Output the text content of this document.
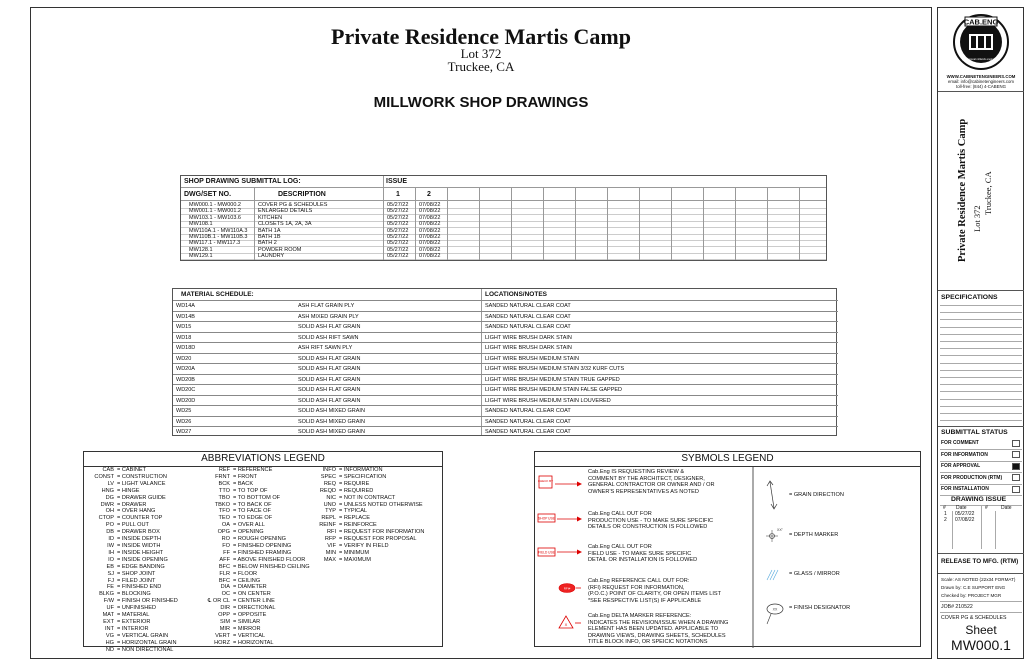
Private Residence Martis Camp
Lot 372
Truckee, CA
MILLWORK SHOP DRAWINGS
SHOP DRAWING SUBMITTAL LOG:	ISSUE
DWG/SET NO.	DESCRIPTION	1	2
MW000.1 - MW000.2	COVER PG & SCHEDULES	05/27/22 07/08/22
MW001.1 - MW001.2	ENLARGED DETAILS	05/27/22 07/08/22
MW103.1 - MW103.6	KITCHEN	05/27/22 07/08/22
MW108.1	CLOSETS 1A, 2A, 3A	05/27/22 07/08/22
MW110A.1 - MW110A.3 BATH 1A	05/27/22 07/08/22
MW110B.1 - MW110B.3 BATH 1B	05/27/22 07/08/22
MW117.1 - MW117.3	BATH 2	05/27/22 07/08/22
MW128.1	POWDER ROOM	05/27/22 07/08/22
MW129.1	LAUNDRY	05/27/22 07/08/22
MATERIAL SCHEDULE:	LOCATIONS/NOTES
WD14A	ASH FLAT GRAIN PLY	SANDED NATURAL CLEAR COAT
WD14B	ASH MIXED GRAIN PLY	SANDED NATURAL CLEAR COAT
WD15	SOLID ASH FLAT GRAIN	SANDED NATURAL CLEAR COAT
WD18	SOLID ASH RIFT SAWN	LIGHT WIRE BRUSH DARK STAIN
WD18D	ASH RIFT SAWN PLY	LIGHT WIRE BRUSH DARK STAIN
WD20	SOLID ASH FLAT GRAIN	LIGHT WIRE BRUSH MEDIUM STAIN
WD20A	SOLID ASH FLAT GRAIN	LIGHT WIRE BRUSH MEDIUM STAIN 3/32 KURF CUTS
WD20B	SOLID ASH FLAT GRAIN	LIGHT WIRE BRUSH MEDIUM STAIN TRUE GAPPED
WD20C	SOLID ASH FLAT GRAIN	LIGHT WIRE BRUSH MEDIUM STAIN FALSE GAPPED
WD20D	SOLID ASH FLAT GRAIN	LIGHT WIRE BRUSH MEDIUM STAIN LOUVERED
WD25	SOLID ASH MIXED GRAIN	SANDED NATURAL CLEAR COAT
WD26	SOLID ASH MIXED GRAIN	SANDED NATURAL CLEAR COAT
WD27	SOLID ASH MIXED GRAIN	SANDED NATURAL CLEAR COAT
ABBREVIATIONS LEGEND
CAB = CABINET
CONST = CONSTRUCTION
LV = LIGHT VALANCE
HNG = HINGE
DG = DRAWER GUIDE
DWR = DRAWER
OH = OVER HANG
CTOP = COUNTER TOP
PO = PULL OUT
DB = DRAWER BOX
ID = INSIDE DEPTH
IW = INSIDE WIDTH
IH = INSIDE HEIGHT
IO = INSIDE OPENING
EB = EDGE BANDING
SJ = SHOP JOINT
FJ = FILED JOINT
FE = FINISHED END
BLKG = BLOCKING
F/W = FINISH OR FINISHED
UF = UNFINISHED
MAT = MATERIAL
EXT = EXTERIOR
INT = INTERIOR
VG = VERTICAL GRAIN
HG = HORIZONTAL GRAIN
ND = NON DIRECTIONAL
REF = REFERENCE
FRNT = FRONT
BCK = BACK
TTO = TO TOP OF
TBO = TO BOTTOM OF
TBKO = TO BACK OF
TFO = TO FACE OF
TEO = TO EDGE OF
OA = OVER ALL
OPG = OPENING
RO = ROUGH OPENING
FO = FINISHED OPENING
FF = FINISHED FRAMING
AFF = ABOVE FINISHED FLOOR
BFC = BELOW FINISHED CEILING
FLR = FLOOR
BFC = CEILING
DIA = DIAMETER
OC = ON CENTER
℄ OR CL = CENTER LINE
DIR = DIRECTIONAL
OPP = OPPOSITE
SIM = SIMILAR
MIR = MIRROR
VERT = VERTICAL
HORZ = HORIZONTAL
INFO = INFORMATION
SPEC = SPECIFICATION
REQ = REQUIRE
REQD = REQUIRED
NIC = NOT IN CONTRACT
UNO = UNLESS NOTED OTHERWISE
TYP = TYPICAL
REPL = REPLACE
REINF = REINFORCE
RFI = REQUEST FOR INFORMATION
RFP = REQUEST FOR PROPOSAL
VIF = VERIFY IN FIELD
MIN = MINIMUM
MAX = MAXIMUM
SYBMOLS LEGEND
CHECK BY
SHOP USE
FIELD USE
RFI#
X
XX"
XX
Cab.Eng IS REQUESTING REVIEW &
COMMENT BY THE ARCHITECT, DESIGNER,
GENERAL CONTRACTOR OR OWNER AND / OR
OWNER'S REPRESENTATIVES AS NOTED
Cab.Eng CALL OUT FOR
PRODUCTION USE - TO MAKE SURE SPECIFIC
DETAILS OR CONSTRUCTION IS FOLLOWED
Cab.Eng CALL OUT FOR
FIELD USE - TO MAKE SURE SPECIFIC
DETAIL OR INSTALLATION IS FOLLOWED
Cab.Eng REFERENCE CALL OUT FOR:
(RFI) REQUEST FOR INFORMATION,
(P.O.C.) POINT OF CLARITY, OR OPEN ITEMS LIST
*SEE RESPECTIVE LIST(S) IF APPLICABLE
Cab.Eng DELTA MARKER REFERENCE:
INDICATES THE REVISION/ISSUE WHEN A DRAWING
ELEMENT HAS BEEN UPDATED. APPLICABLE TO
DRAWING VIEWS, DRAWING SHEETS, SCHEDULES
TITLE BLOCK INFO, OR SPEICIC NOTATIONS
= GRAIN DIRECTION
= DEPTH MARKER
= GLASS / MIRROR
= FINISH DESIGNATOR
CAB.ENG
professional millwork engineering
WWW.CABINETENGINEERS.COM
email: info@cabinetengineers.com
toll-free: (844) 4-CABENG
Private Residence Martis Camp Lot 372
Truckee, CA
SPECIFICATIONS
SUBMITTAL STATUS
FOR COMMENT
FOR INFORMATION
FOR APPROVAL
FOR PRODUCTION (RTM)
FOR INSTALLATION
DRAWING ISSUE
# Date	#	Date
1 05/27/22
2 07/08/22
RELEASE TO MFG. (RTM)
Scale: AS NOTED (22x34 FORMAT)
Drawn by: C.E SUPPORT ENG
Checked by: PROJECT MGR
JOB# 210522
COVER PG & SCHEDULES
Sheet
MW000.1
